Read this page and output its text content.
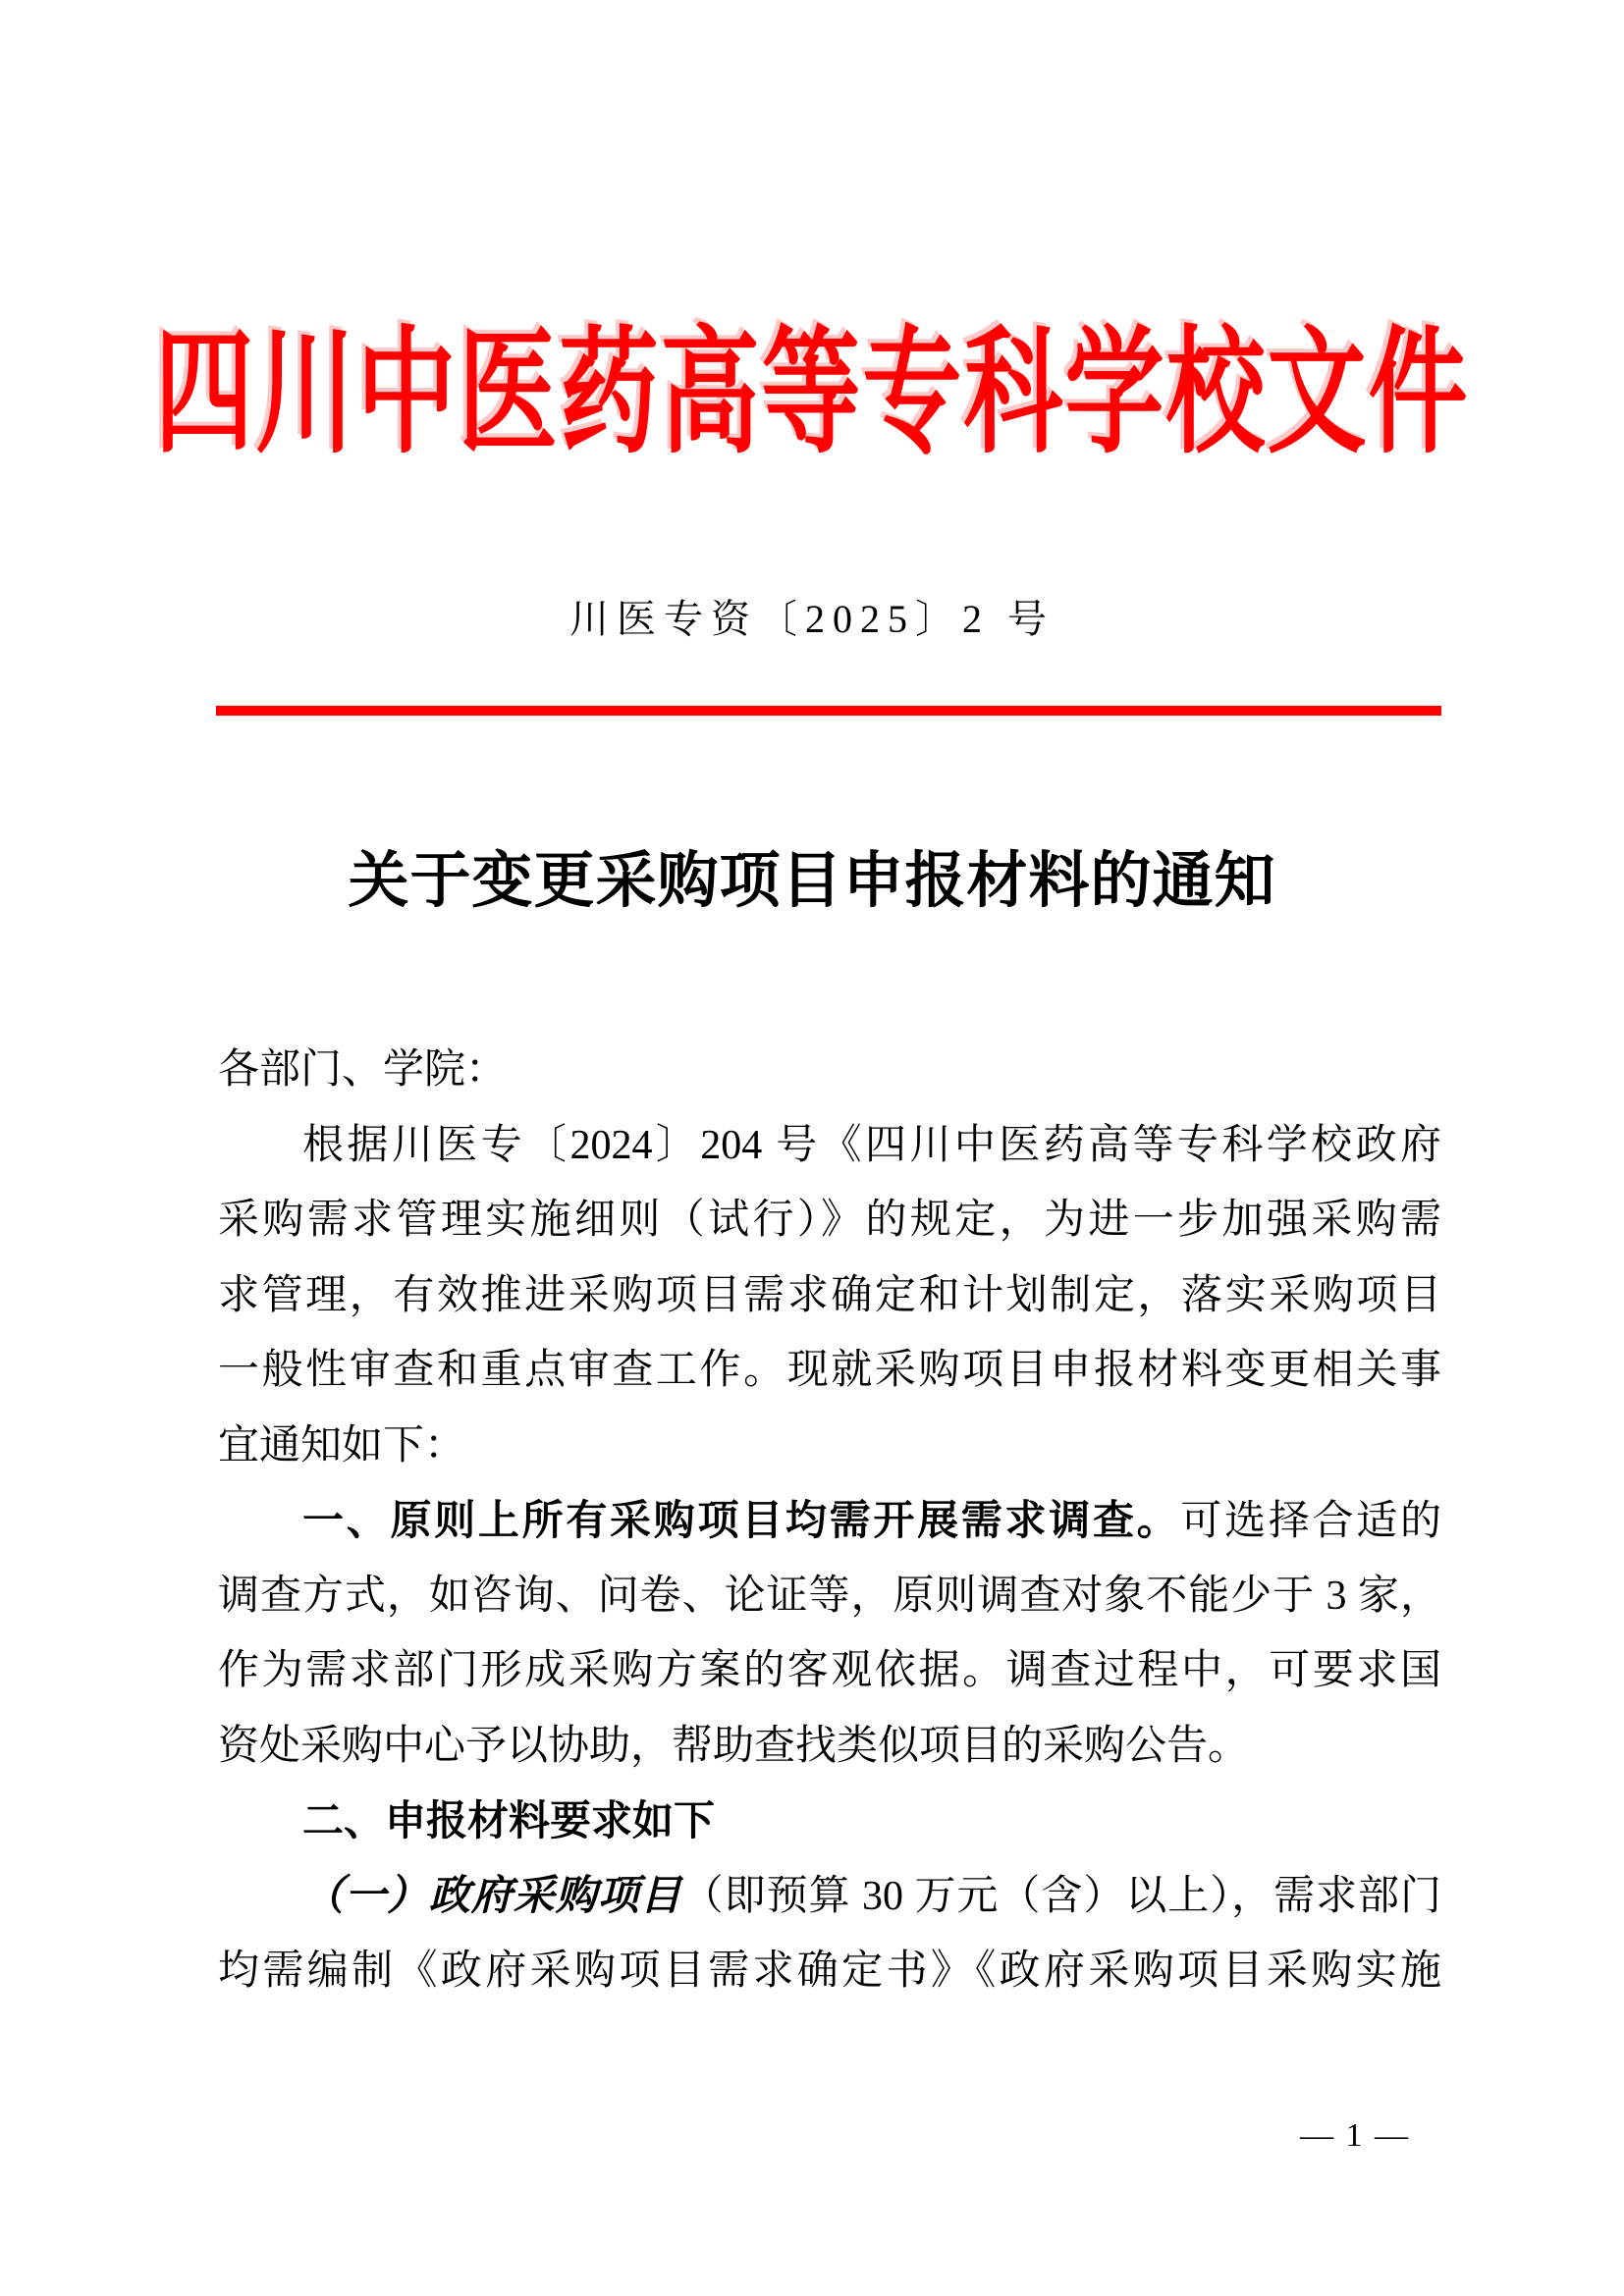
四川中医药高等专科学校文件
川医专资〔2025〕2 号
关于变更采购项目申报材料的通知
各部门、学院：
根据川医专〔2024〕204 号《四川中医药高等专科学校政府
采购需求管理实施细则（试行）》的规定，为进一步加强采购需
求管理，有效推进采购项目需求确定和计划制定，落实采购项目
一般性审查和重点审查工作。现就采购项目申报材料变更相关事
宜通知如下：
一、原则上所有采购项目均需开展需求调查。可选择合适的
调查方式，如咨询、问卷、论证等，原则调查对象不能少于 3 家，
作为需求部门形成采购方案的客观依据。调查过程中，可要求国
资处采购中心予以协助，帮助查找类似项目的采购公告。
二、申报材料要求如下
（一）政府采购项目（即预算 30 万元（含）以上），需求部门
均需编制《政府采购项目需求确定书》《政府采购项目采购实施
— 1 —
